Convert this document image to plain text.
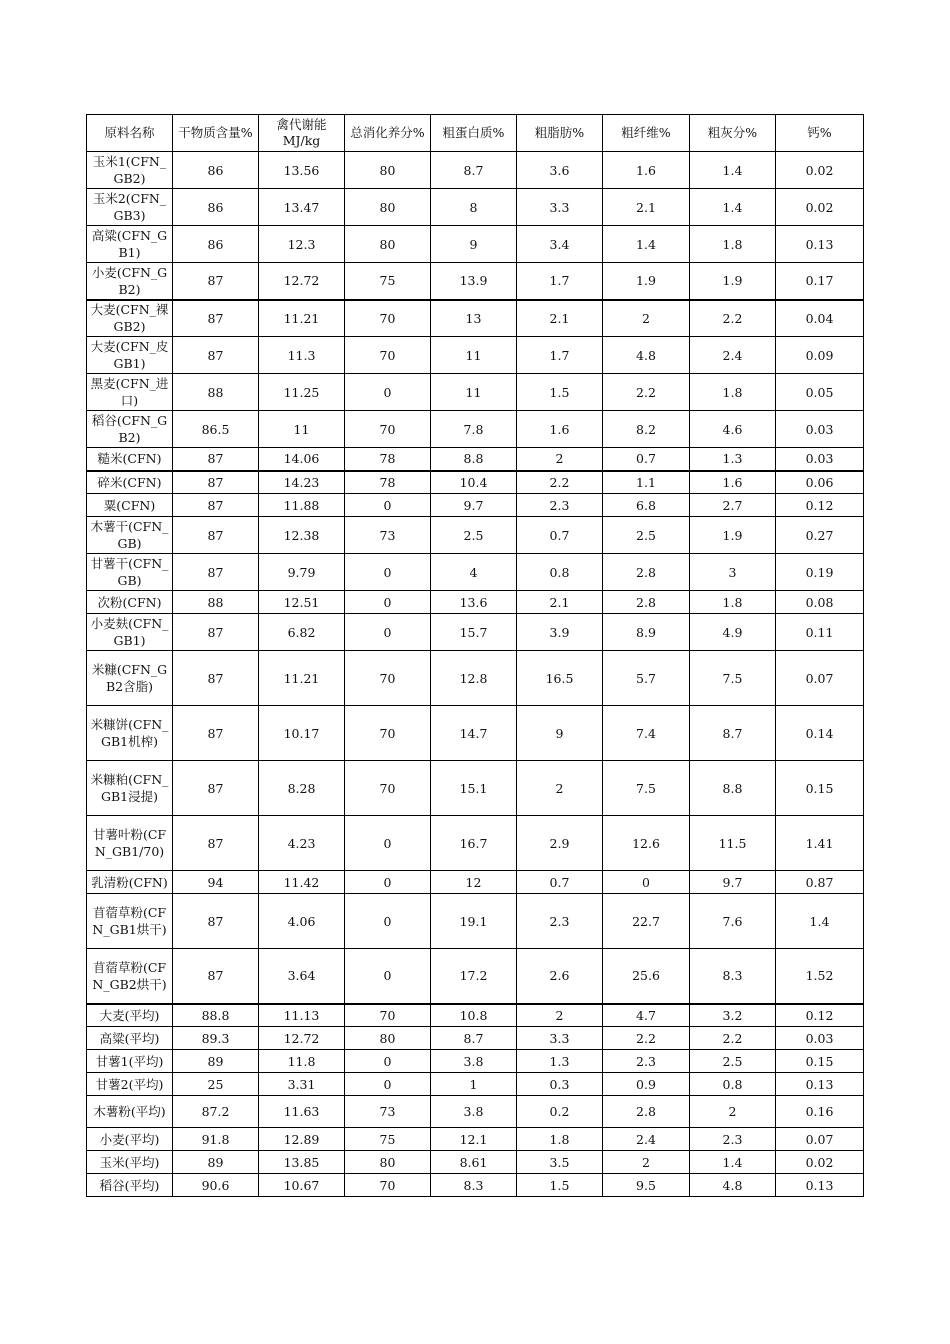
原料名称	干物质含量%	禽代谢能MJ/kg	总消化养分%	粗蛋白质%	粗脂肪%	粗纤维%	粗灰分%	钙%
玉米1(CFN_GB2)	86	13.56	80	8.7	3.6	1.6	1.4	0.02
玉米2(CFN_GB3)	86	13.47	80	8	3.3	2.1	1.4	0.02
高粱(CFN_GB1)	86	12.3	80	9	3.4	1.4	1.8	0.13
小麦(CFN_GB2)	87	12.72	75	13.9	1.7	1.9	1.9	0.17
大麦(CFN_裸GB2)	87	11.21	70	13	2.1	2	2.2	0.04
大麦(CFN_皮GB1)	87	11.3	70	11	1.7	4.8	2.4	0.09
黑麦(CFN_进口)	88	11.25	0	11	1.5	2.2	1.8	0.05
稻谷(CFN_GB2)	86.5	11	70	7.8	1.6	8.2	4.6	0.03
糙米(CFN)	87	14.06	78	8.8	2	0.7	1.3	0.03
碎米(CFN)	87	14.23	78	10.4	2.2	1.1	1.6	0.06
粟(CFN)	87	11.88	0	9.7	2.3	6.8	2.7	0.12
木薯干(CFN_GB)	87	12.38	73	2.5	0.7	2.5	1.9	0.27
甘薯干(CFN_GB)	87	9.79	0	4	0.8	2.8	3	0.19
次粉(CFN)	88	12.51	0	13.6	2.1	2.8	1.8	0.08
小麦麸(CFN_GB1)	87	6.82	0	15.7	3.9	8.9	4.9	0.11
米糠(CFN_GB2含脂)	87	11.21	70	12.8	16.5	5.7	7.5	0.07
米糠饼(CFN_GB1机榨)	87	10.17	70	14.7	9	7.4	8.7	0.14
米糠粕(CFN_GB1浸提)	87	8.28	70	15.1	2	7.5	8.8	0.15
甘薯叶粉(CFN_GB1/70)	87	4.23	0	16.7	2.9	12.6	11.5	1.41
乳清粉(CFN)	94	11.42	0	12	0.7	0	9.7	0.87
苜蓿草粉(CFN_GB1烘干)	87	4.06	0	19.1	2.3	22.7	7.6	1.4
苜蓿草粉(CFN_GB2烘干)	87	3.64	0	17.2	2.6	25.6	8.3	1.52
大麦(平均)	88.8	11.13	70	10.8	2	4.7	3.2	0.12
高粱(平均)	89.3	12.72	80	8.7	3.3	2.2	2.2	0.03
甘薯1(平均)	89	11.8	0	3.8	1.3	2.3	2.5	0.15
甘薯2(平均)	25	3.31	0	1	0.3	0.9	0.8	0.13
木薯粉(平均)	87.2	11.63	73	3.8	0.2	2.8	2	0.16
小麦(平均)	91.8	12.89	75	12.1	1.8	2.4	2.3	0.07
玉米(平均)	89	13.85	80	8.61	3.5	2	1.4	0.02
稻谷(平均)	90.6	10.67	70	8.3	1.5	9.5	4.8	0.13
